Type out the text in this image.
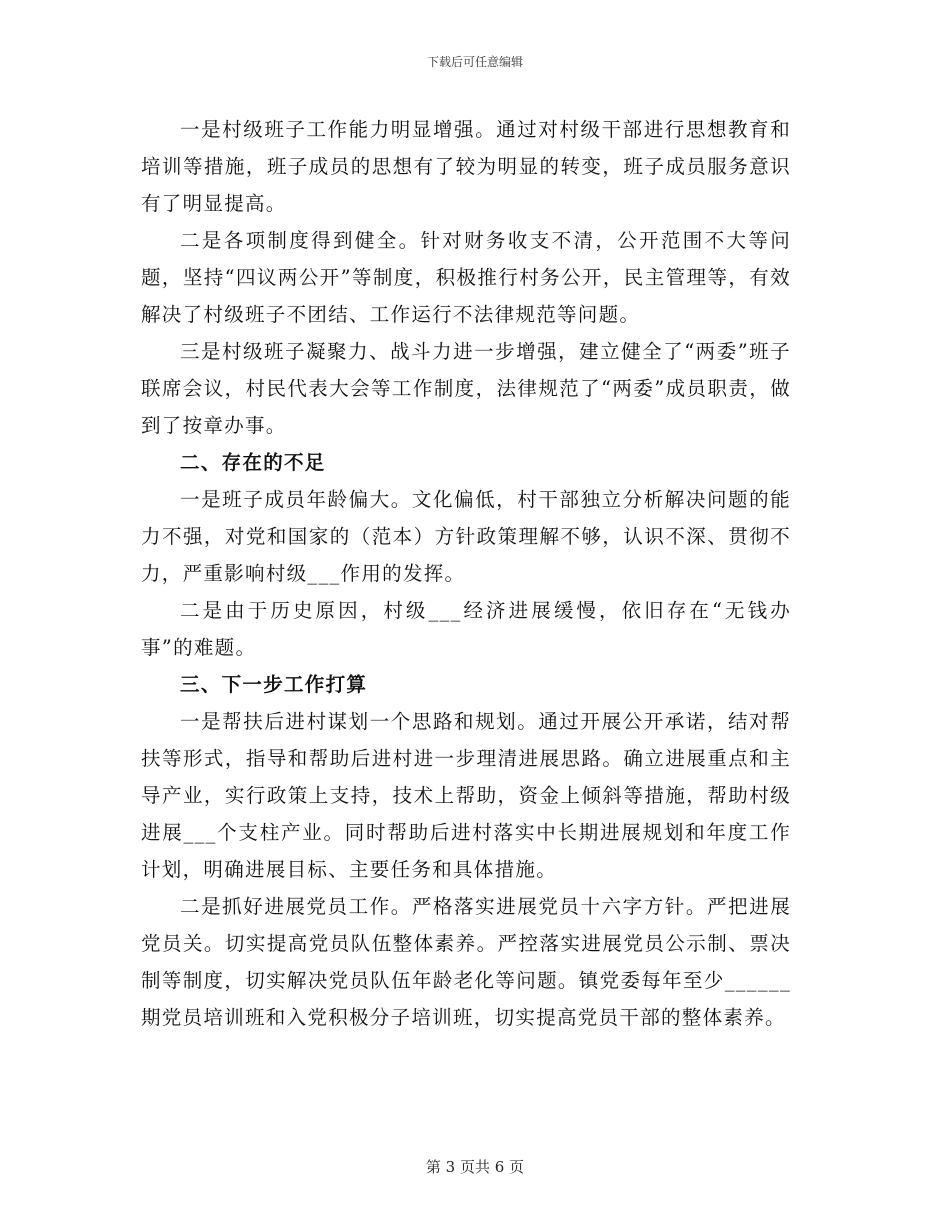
下载后可任意编辑

一是村级班子工作能力明显增强。通过对村级干部进行思想教育和培训等措施，班子成员的思想有了较为明显的转变，班子成员服务意识有了明显提高。

二是各项制度得到健全。针对财务收支不清，公开范围不大等问题，坚持“四议两公开”等制度，积极推行村务公开，民主管理等，有效解决了村级班子不团结、工作运行不法律规范等问题。

三是村级班子凝聚力、战斗力进一步增强，建立健全了“两委”班子联席会议，村民代表大会等工作制度，法律规范了“两委”成员职责，做到了按章办事。

二、存在的不足

一是班子成员年龄偏大。文化偏低，村干部独立分析解决问题的能力不强，对党和国家的（范本）方针政策理解不够，认识不深、贯彻不力，严重影响村级___作用的发挥。

二是由于历史原因，村级___经济进展缓慢，依旧存在“无钱办事”的难题。

三、下一步工作打算

一是帮扶后进村谋划一个思路和规划。通过开展公开承诺，结对帮扶等形式，指导和帮助后进村进一步理清进展思路。确立进展重点和主导产业，实行政策上支持，技术上帮助，资金上倾斜等措施，帮助村级进展___个支柱产业。同时帮助后进村落实中长期进展规划和年度工作计划，明确进展目标、主要任务和具体措施。

二是抓好进展党员工作。严格落实进展党员十六字方针。严把进展党员关。切实提高党员队伍整体素养。严控落实进展党员公示制、票决制等制度，切实解决党员队伍年龄老化等问题。镇党委每年至少______期党员培训班和入党积极分子培训班，切实提高党员干部的整体素养。

第 3 页共 6 页
